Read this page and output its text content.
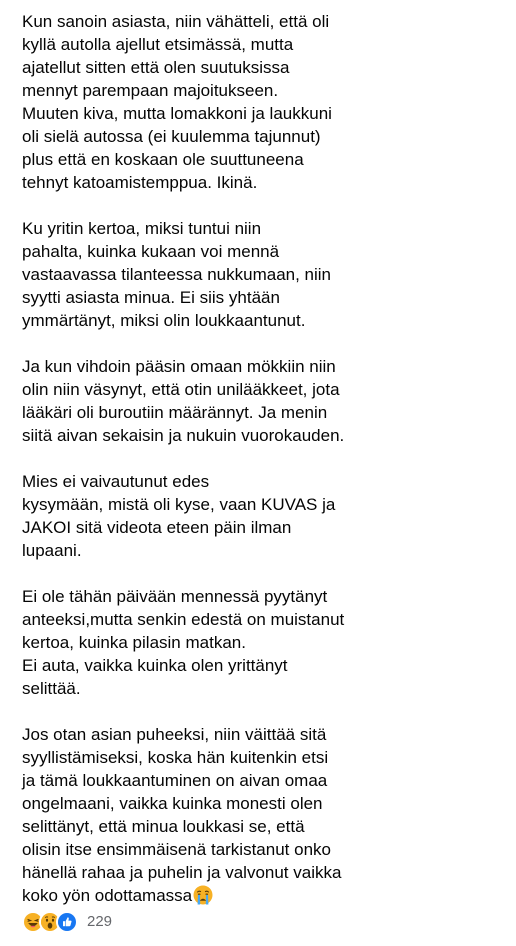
Kun sanoin asiasta, niin vähätteli, että oli
kyllä autolla ajellut etsimässä, mutta
ajatellut sitten että olen suutuksissa
mennyt parempaan majoitukseen.
Muuten kiva, mutta lomakkoni ja laukkuni
oli sielä autossa (ei kuulemma tajunnut)
plus että en koskaan ole suuttuneena
tehnyt katoamistemppua. Ikinä.
Ku yritin kertoa, miksi tuntui niin
pahalta, kuinka kukaan voi mennä
vastaavassa tilanteessa nukkumaan, niin
syytti asiasta minua. Ei siis yhtään
ymmärtänyt, miksi olin loukkaantunut.
Ja kun vihdoin pääsin omaan mökkiin niin
olin niin väsynyt, että otin unilääkkeet, jota
lääkäri oli buroutiin määrännyt. Ja menin
siitä aivan sekaisin ja nukuin vuorokauden.
Mies ei vaivautunut edes
kysymään, mistä oli kyse, vaan KUVAS ja
JAKOI sitä videota eteen päin ilman
lupaani.
Ei ole tähän päivään mennessä pyytänyt
anteeksi,mutta senkin edestä on muistanut
kertoa, kuinka pilasin matkan.
Ei auta, vaikka kuinka olen yrittänyt
selittää.
Jos otan asian puheeksi, niin väittää sitä
syyllistämiseksi, koska hän kuitenkin etsi
ja tämä loukkaantuminen on aivan omaa
ongelmaani, vaikka kuinka monesti olen
selittänyt, että minua loukkasi se, että
olisin itse ensimmäisenä tarkistanut onko
hänellä rahaa ja puhelin ja valvonut vaikka
koko yön odottamassa
229
